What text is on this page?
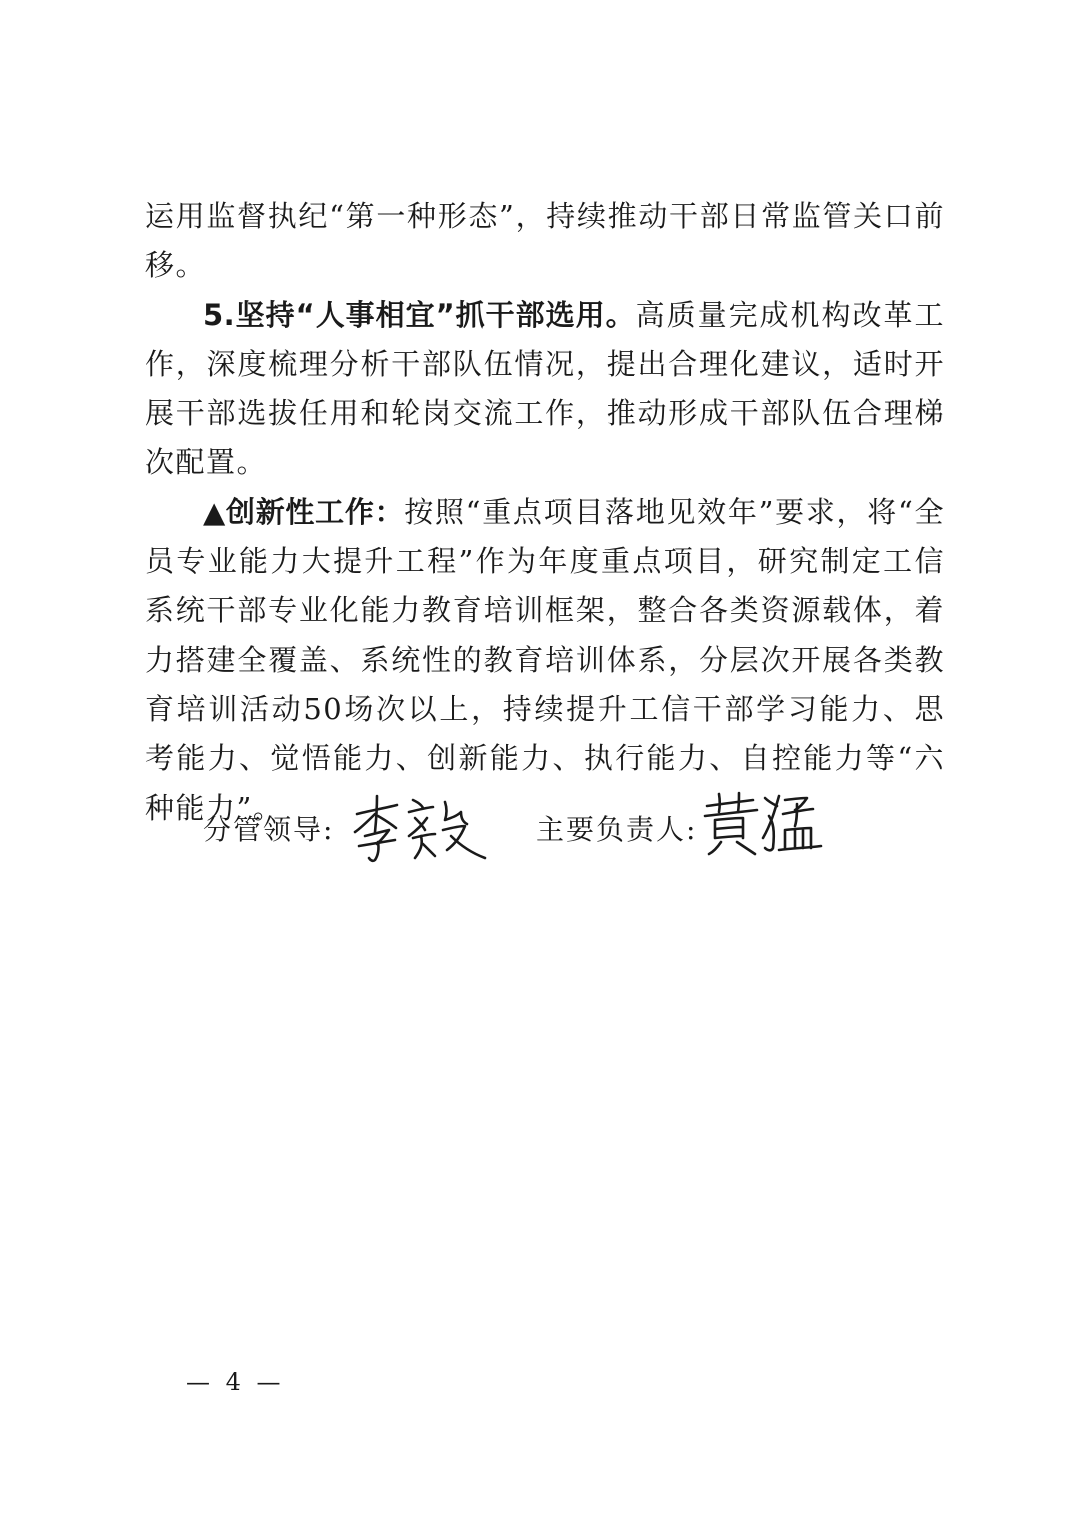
运用监督执纪“第一种形态”，持续推动干部日常监管关口前移。

5.坚持“人事相宜”抓干部选用。高质量完成机构改革工作，深度梳理分析干部队伍情况，提出合理化建议，适时开展干部选拔任用和轮岗交流工作，推动形成干部队伍合理梯次配置。

▲创新性工作：按照“重点项目落地见效年”要求，将“全员专业能力大提升工程”作为年度重点项目，研究制定工信系统干部专业化能力教育培训框架，整合各类资源载体，着力搭建全覆盖、系统性的教育培训体系，分层次开展各类教育培训活动50场次以上，持续提升工信干部学习能力、思考能力、觉悟能力、创新能力、执行能力、自控能力等“六种能力”。

分管领导:	主要负责人:
— 4 —
